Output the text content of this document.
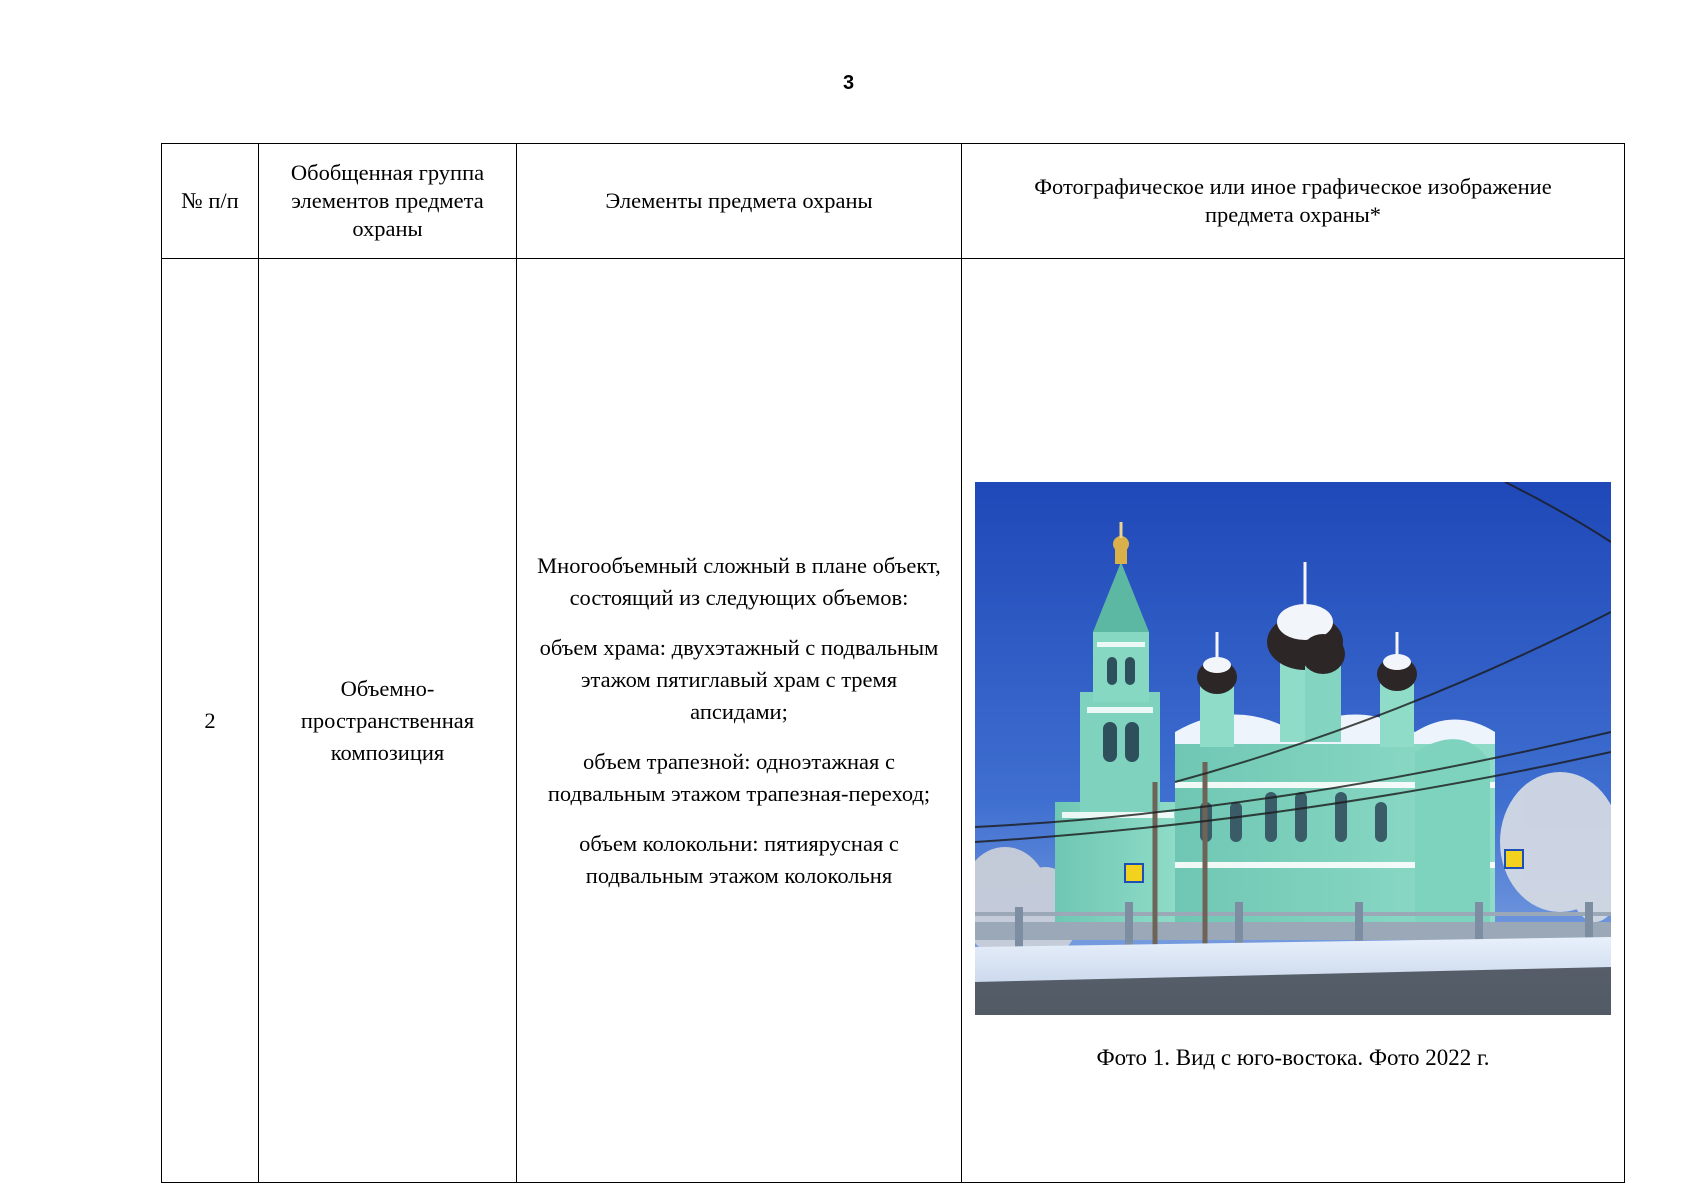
3
№ п/п	Обобщенная группа элементов предмета охраны	Элементы предмета охраны	Фотографическое или иное графическое изображение предмета охраны*
2	Объемно-пространственная композиция	Многообъемный сложный в плане объект, состоящий из следующих объемов:

объем храма: двухэтажный с подвальным этажом пятиглавый храм с тремя апсидами;

объем трапезной: одноэтажная с подвальным этажом трапезная-переход;

объем колокольни: пятиярусная с подвальным этажом колокольня	Фото 1. Вид с юго-востока. Фото 2022 г.
